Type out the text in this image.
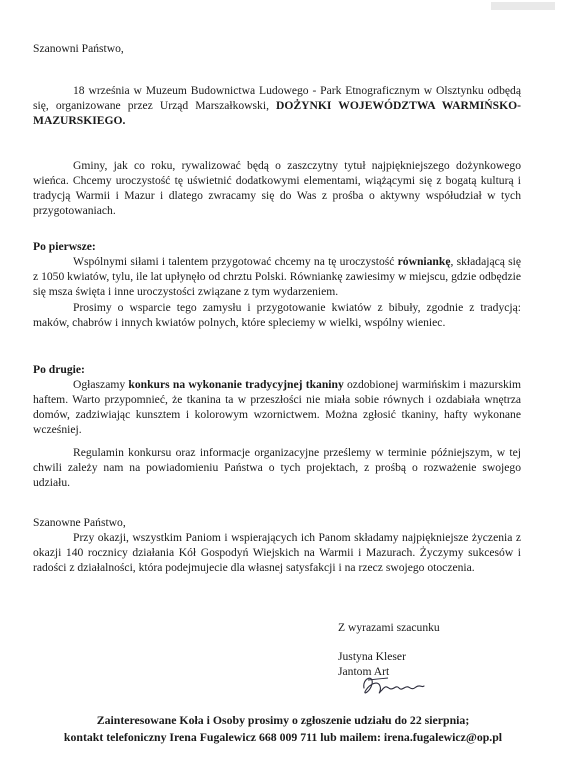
Szanowni Państwo,
18 września w Muzeum Budownictwa Ludowego - Park Etnograficznym w Olsztynku odbędą się, organizowane przez Urząd Marszałkowski, DOŻYNKI WOJEWÓDZTWA WARMIŃSKO-MAZURSKIEGO.
Gminy, jak co roku, rywalizować będą o zaszczytny tytuł najpiękniejszego dożynkowego wieńca. Chcemy uroczystość tę uświetnić dodatkowymi elementami, wiążącymi się z bogatą kulturą i tradycją Warmii i Mazur i dlatego zwracamy się do Was z prośba o aktywny współudział w tych przygotowaniach.
Po pierwsze:
Wspólnymi siłami i talentem przygotować chcemy na tę uroczystość równiankę, składającą się z 1050 kwiatów, tylu, ile lat upłynęło od chrztu Polski. Równiankę zawiesimy w miejscu, gdzie odbędzie się msza święta i inne uroczystości związane z tym wydarzeniem.
Prosimy o wsparcie tego zamysłu i przygotowanie kwiatów z bibuły, zgodnie z tradycją: maków, chabrów i innych kwiatów polnych, które spleciemy w wielki, wspólny wieniec.
Po drugie:
Ogłaszamy konkurs na wykonanie tradycyjnej tkaniny ozdobionej warmińskim i mazurskim haftem. Warto przypomnieć, że tkanina ta w przeszłości nie miała sobie równych i ozdabiała wnętrza domów, zadziwiając kunsztem i kolorowym wzornictwem. Można zgłosić tkaniny, hafty wykonane wcześniej.
Regulamin konkursu oraz informacje organizacyjne prześlemy w terminie późniejszym, w tej chwili zależy nam na powiadomieniu Państwa o tych projektach, z prośbą o rozważenie swojego udziału.
Szanowne Państwo,
Przy okazji, wszystkim Paniom i wspierających ich Panom składamy najpiękniejsze życzenia z okazji 140 rocznicy działania Kół Gospodyń Wiejskich na Warmii i Mazurach. Życzymy sukcesów i radości z działalności, która podejmujecie dla własnej satysfakcji i na rzecz swojego otoczenia.
Z wyrazami szacunku
Justyna Kleser
Jantom Art
Zainteresowane Koła i Osoby prosimy o zgłoszenie udziału do 22 sierpnia;
kontakt telefoniczny Irena Fugalewicz 668 009 711 lub mailem: irena.fugalewicz@op.pl
